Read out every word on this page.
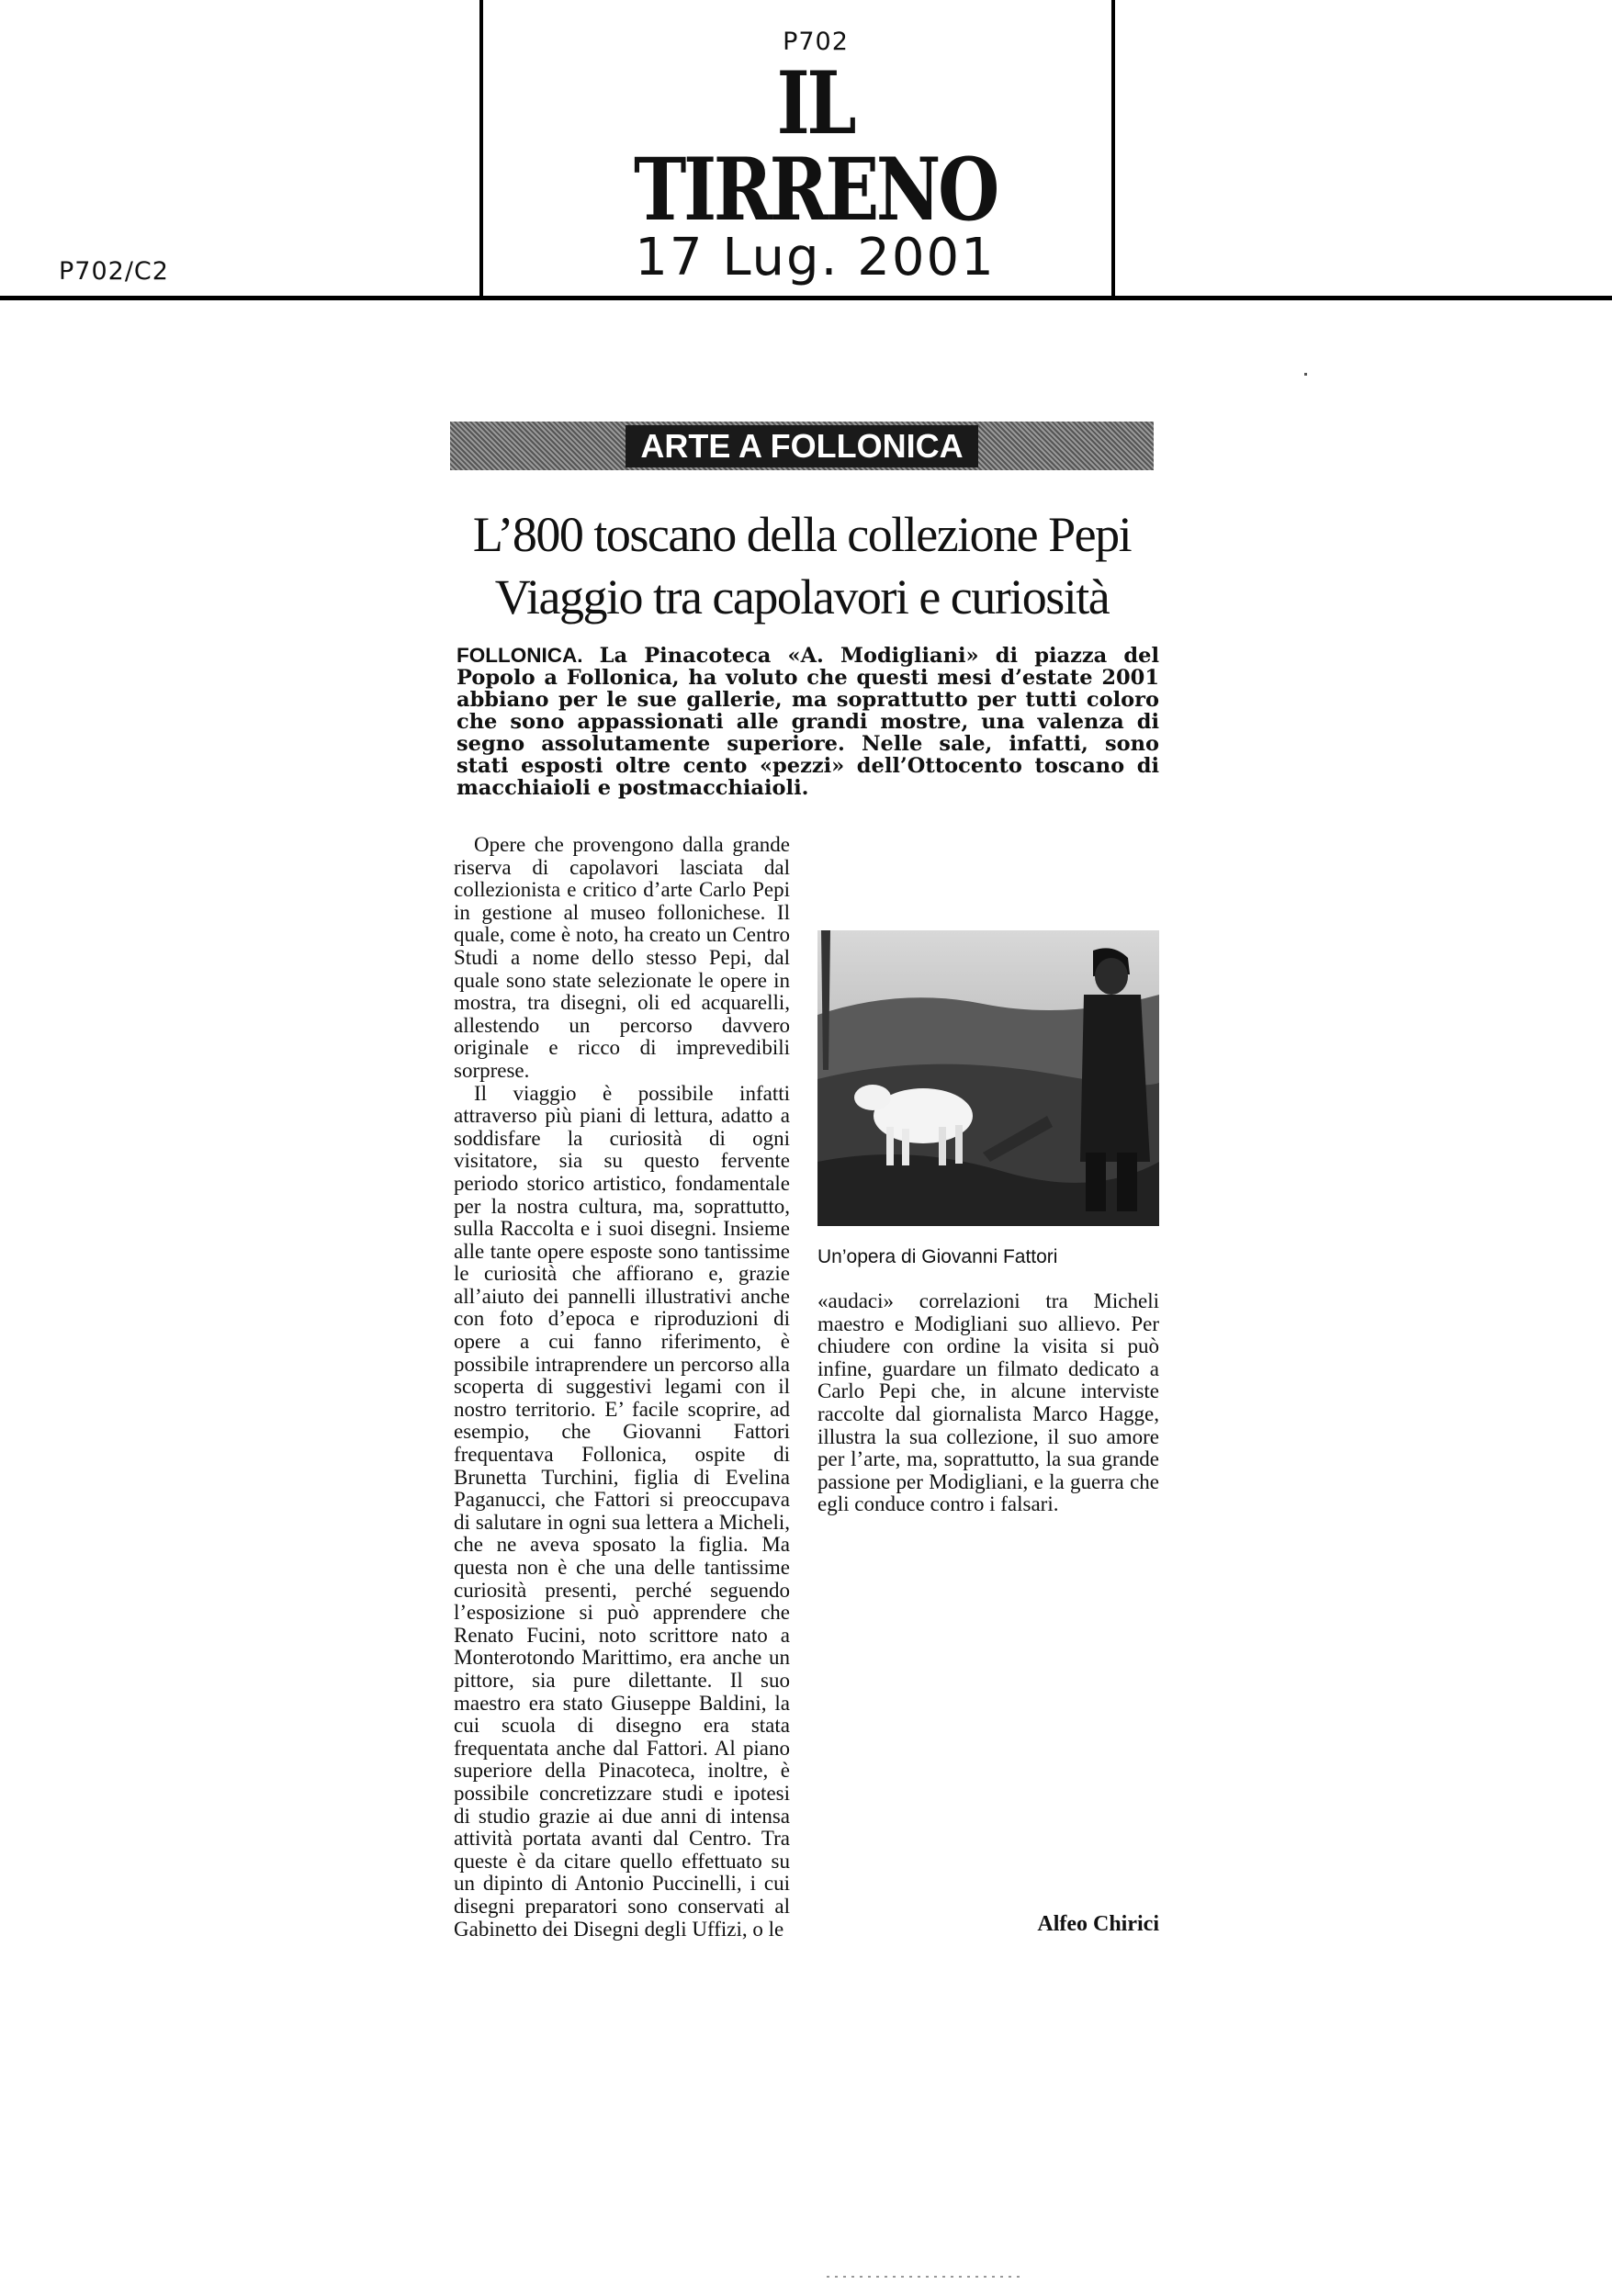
P702
IL TIRRENO
17 Lug. 2001
P702/C2
ARTE A FOLLONICA
L’800 toscano della collezione Pepi
Viaggio tra capolavori e curiosità
FOLLONICA. La Pinacoteca «A. Modigliani» di piazza del Popolo a Follonica, ha voluto che questi mesi d’estate 2001 abbiano per le sue gallerie, ma soprattutto per tutti coloro che sono appassionati alle grandi mostre, una valenza di segno assolutamente superiore. Nelle sale, infatti, sono stati esposti oltre cento «pezzi» dell’Ottocento toscano di macchiaioli e postmacchiaioli.

Opere che provengono dalla grande riserva di capolavori lasciata dal collezionista e critico d’arte Carlo Pepi in gestione al museo follonichese. Il quale, come è noto, ha creato un Centro Studi a nome dello stesso Pepi, dal quale sono state selezionate le opere in mostra, tra disegni, oli ed acquarelli, allestendo un percorso davvero originale e ricco di imprevedibili sorprese.

Il viaggio è possibile infatti attraverso più piani di lettura, adatto a soddisfare la curiosità di ogni visitatore, sia su questo fervente periodo storico artistico, fondamentale per la nostra cultura, ma, soprattutto, sulla Raccolta e i suoi disegni. Insieme alle tante opere esposte sono tantissime le curiosità che affiorano e, grazie all’aiuto dei pannelli illustrativi anche con foto d’epoca e riproduzioni di opere a cui fanno riferimento, è possibile intraprendere un percorso alla scoperta di suggestivi legami con il nostro territorio. E’ facile scoprire, ad esempio, che Giovanni Fattori frequentava Follonica, ospite di Brunetta Turchini, figlia di Evelina Paganucci, che Fattori si preoccupava di salutare in ogni sua lettera a Micheli, che ne aveva sposato la figlia. Ma questa non è che una delle tantissime curiosità presenti, perché seguendo l’esposizione si può apprendere che Renato Fucini, noto scrittore nato a Monterotondo Marittimo, era anche un pittore, sia pure dilettante. Il suo maestro era stato Giuseppe Baldini, la cui scuola di disegno era stata frequentata anche dal Fattori. Al piano superiore della Pinacoteca, inoltre, è possibile concretizzare studi e ipotesi di studio grazie ai due anni di intensa attività portata avanti dal Centro. Tra queste è da citare quello effettuato su un dipinto di Antonio Puccinelli, i cui disegni preparatori sono conservati al Gabinetto dei Disegni degli Uffizi, o le

Un’opera di Giovanni Fattori

«audaci» correlazioni tra Micheli maestro e Modigliani suo allievo. Per chiudere con ordine la visita si può infine, guardare un filmato dedicato a Carlo Pepi che, in alcune interviste raccolte dal giornalista Marco Hagge, illustra la sua collezione, il suo amore per l’arte, ma, soprattutto, la sua grande passione per Modigliani, e la guerra che egli conduce contro i falsari.

Alfeo Chirici
